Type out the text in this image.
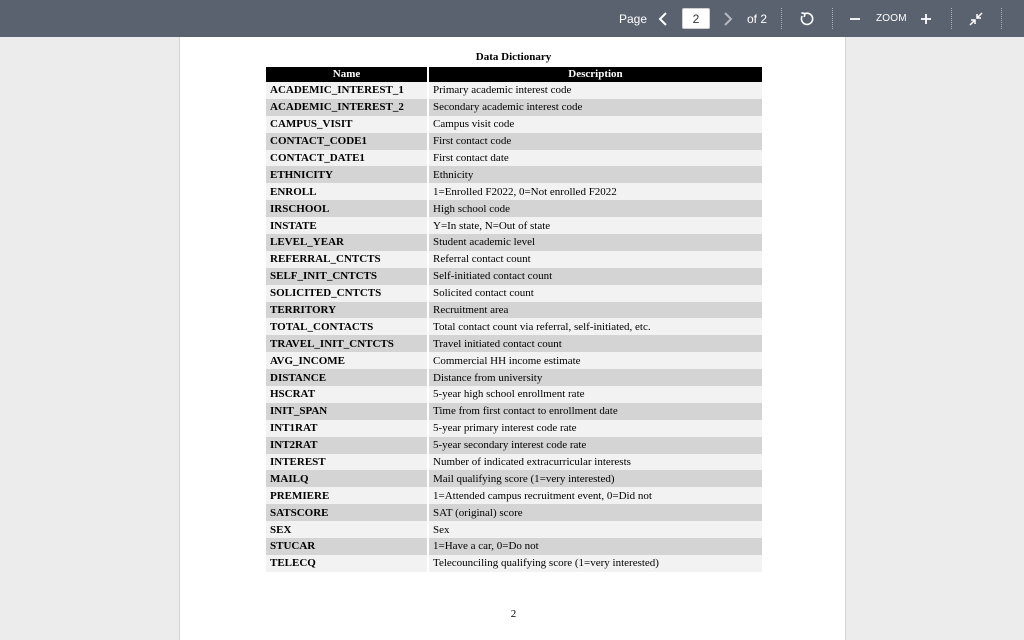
Page
2	of 2	ZOOM
Data Dictionary
Name	Description
ACADEMIC_INTEREST_1	Primary academic interest code
ACADEMIC_INTEREST_2	Secondary academic interest code
CAMPUS_VISIT	Campus visit code
CONTACT_CODE1	First contact code
CONTACT_DATE1	First contact date
ETHNICITY	Ethnicity
ENROLL	1=Enrolled F2022, 0=Not enrolled F2022
IRSCHOOL	High school code
INSTATE	Y=In state, N=Out of state
LEVEL_YEAR	Student academic level
REFERRAL_CNTCTS	Referral contact count
SELF_INIT_CNTCTS	Self-initiated contact count
SOLICITED_CNTCTS	Solicited contact count
TERRITORY	Recruitment area
TOTAL_CONTACTS	Total contact count via referral, self-initiated, etc.
TRAVEL_INIT_CNTCTS	Travel initiated contact count
AVG_INCOME	Commercial HH income estimate
DISTANCE	Distance from university
HSCRAT	5-year high school enrollment rate
INIT_SPAN	Time from first contact to enrollment date
INT1RAT	5-year primary interest code rate
INT2RAT	5-year secondary interest code rate
INTEREST	Number of indicated extracurricular interests
MAILQ	Mail qualifying score (1=very interested)
PREMIERE	1=Attended campus recruitment event, 0=Did not
SATSCORE	SAT (original) score
SEX	Sex
STUCAR	1=Have a car, 0=Do not
TELECQ	Telecounciling qualifying score (1=very interested)
2
